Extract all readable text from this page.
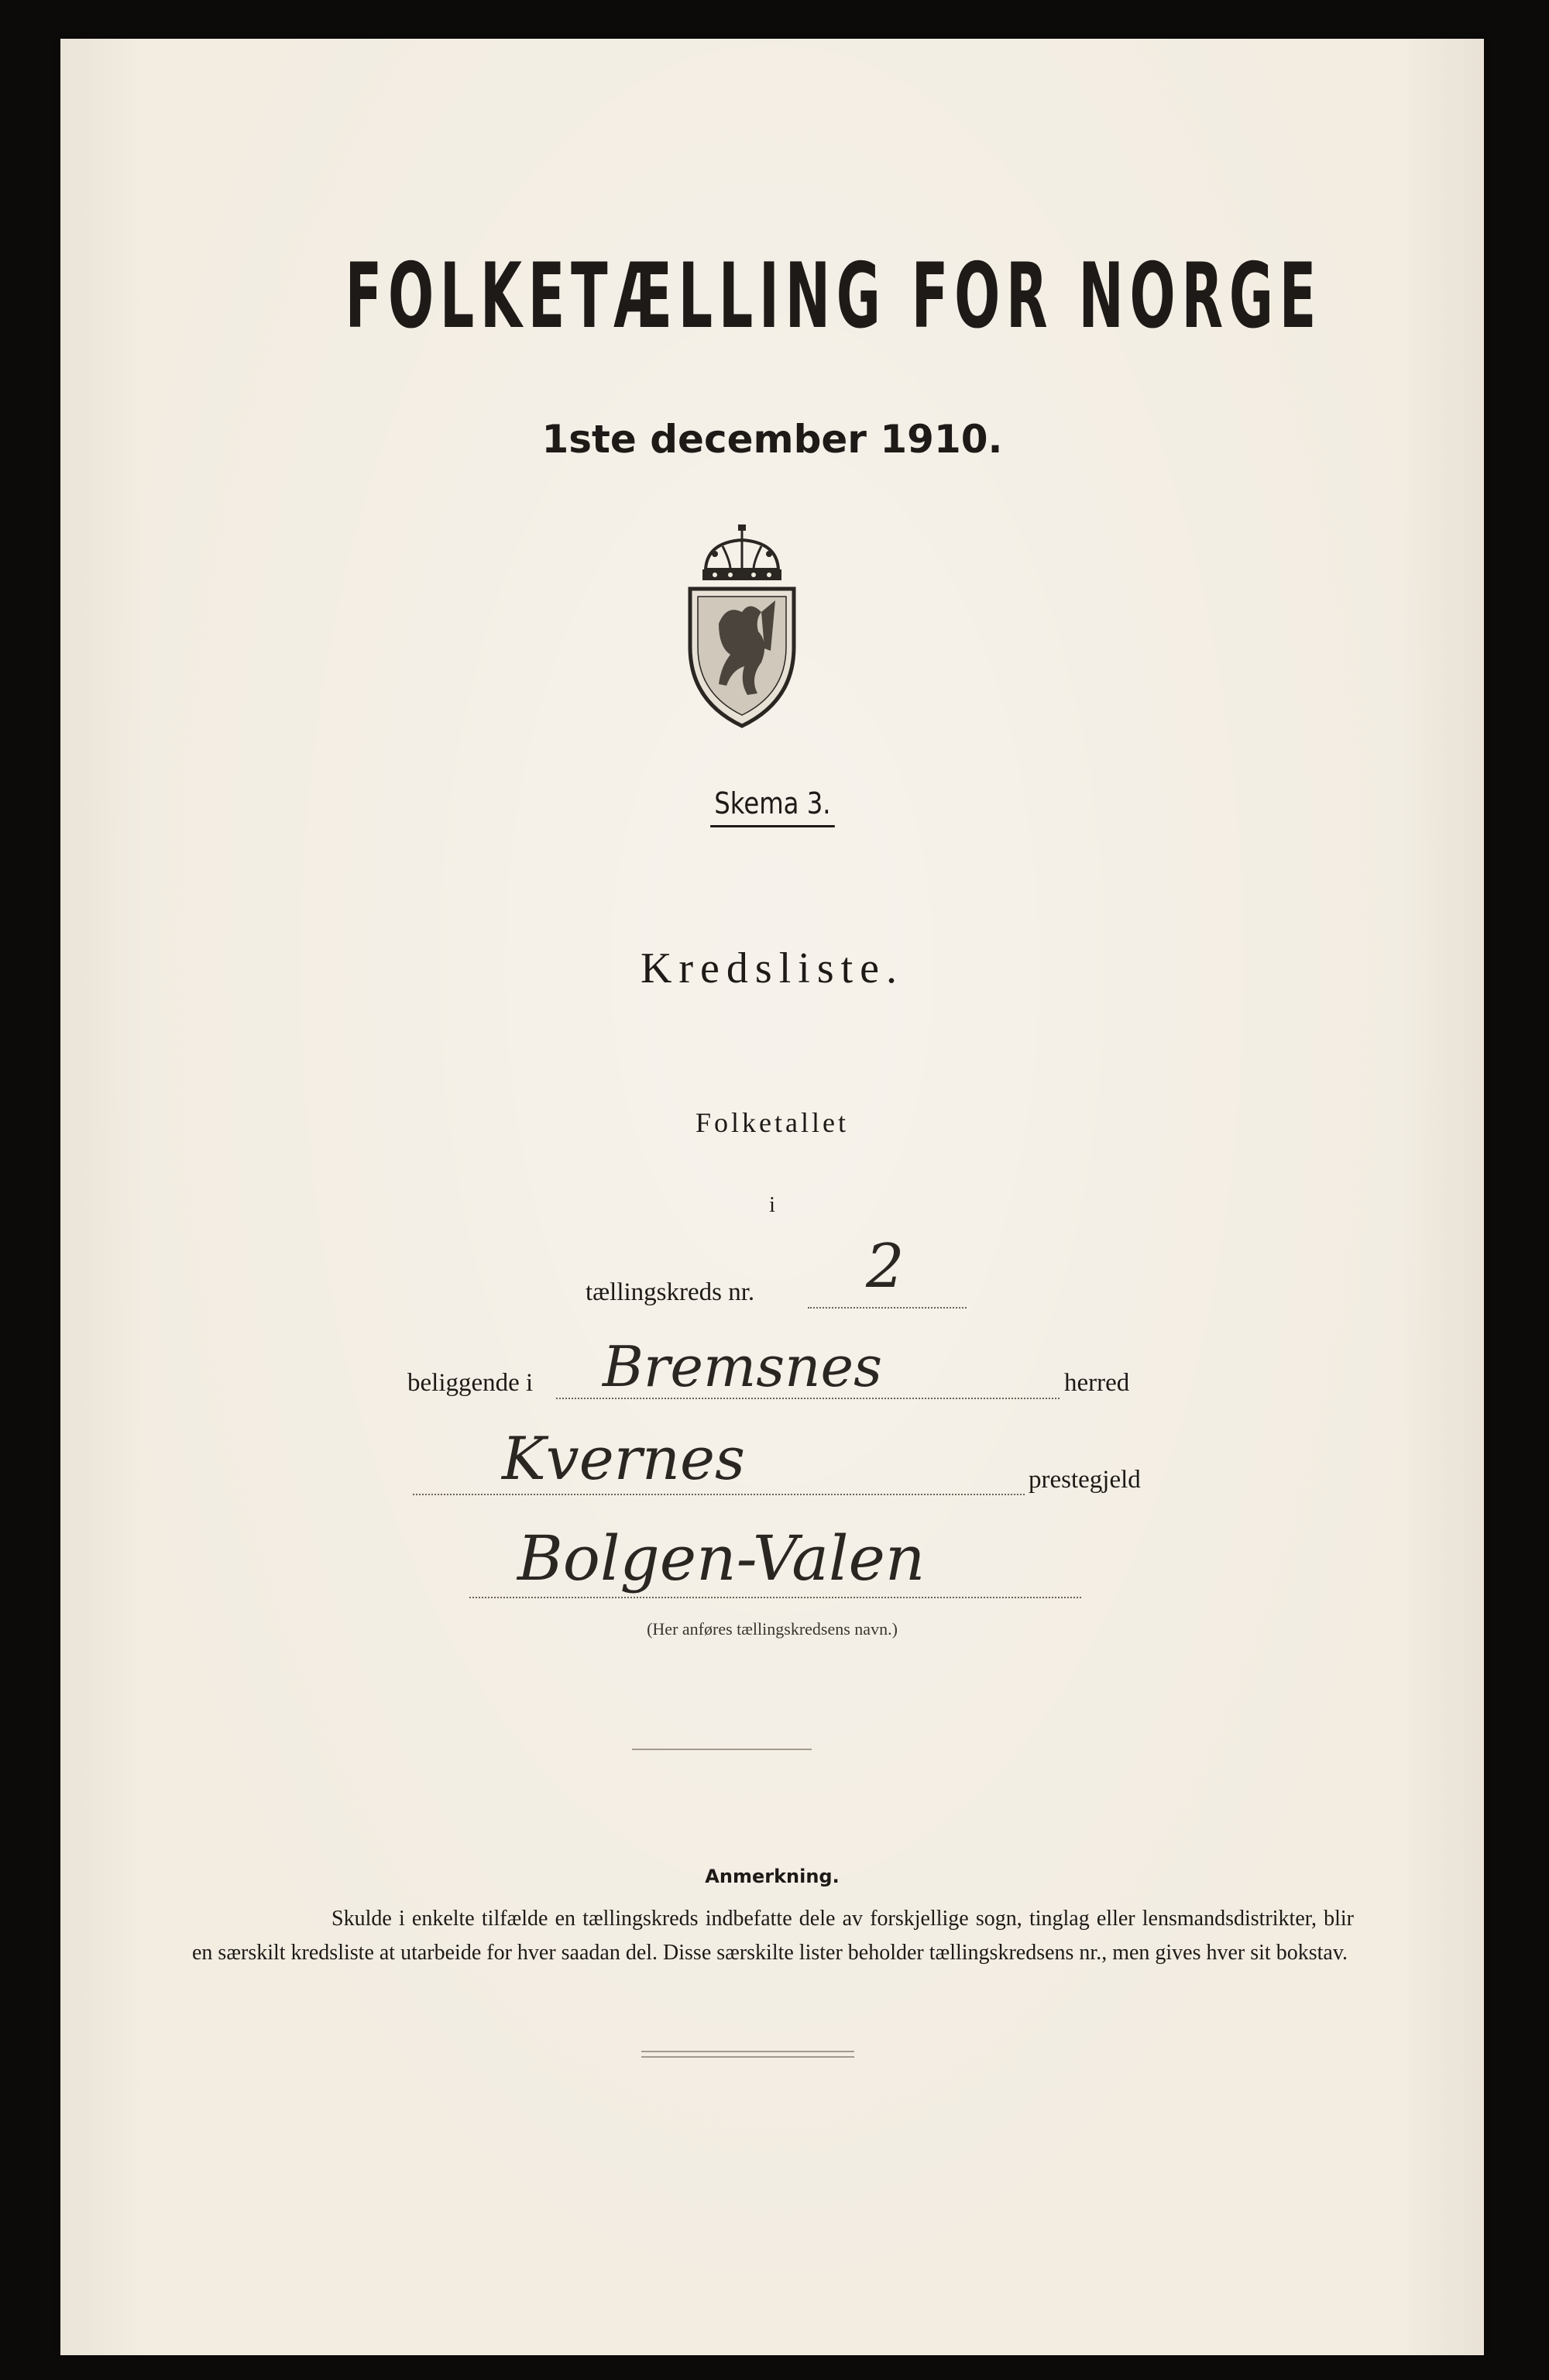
FOLKETÆLLING FOR NORGE
1ste december 1910.
Skema 3.
Kredsliste.
Folketallet
i
tællingskreds nr. 2
beliggende i Bremsnes	herred
Kvernes	prestegjeld
Bolgen-Valen
(Her anføres tællingskredsens navn.)
Anmerkning.
Skulde i enkelte tilfælde en tællingskreds indbefatte dele av forskjellige sogn, tinglag eller lensmandsdistrikter, blir en særskilt kredsliste at utarbeide for hver saadan del. Disse særskilte lister beholder tællingskredsens nr., men gives hver sit bokstav.
